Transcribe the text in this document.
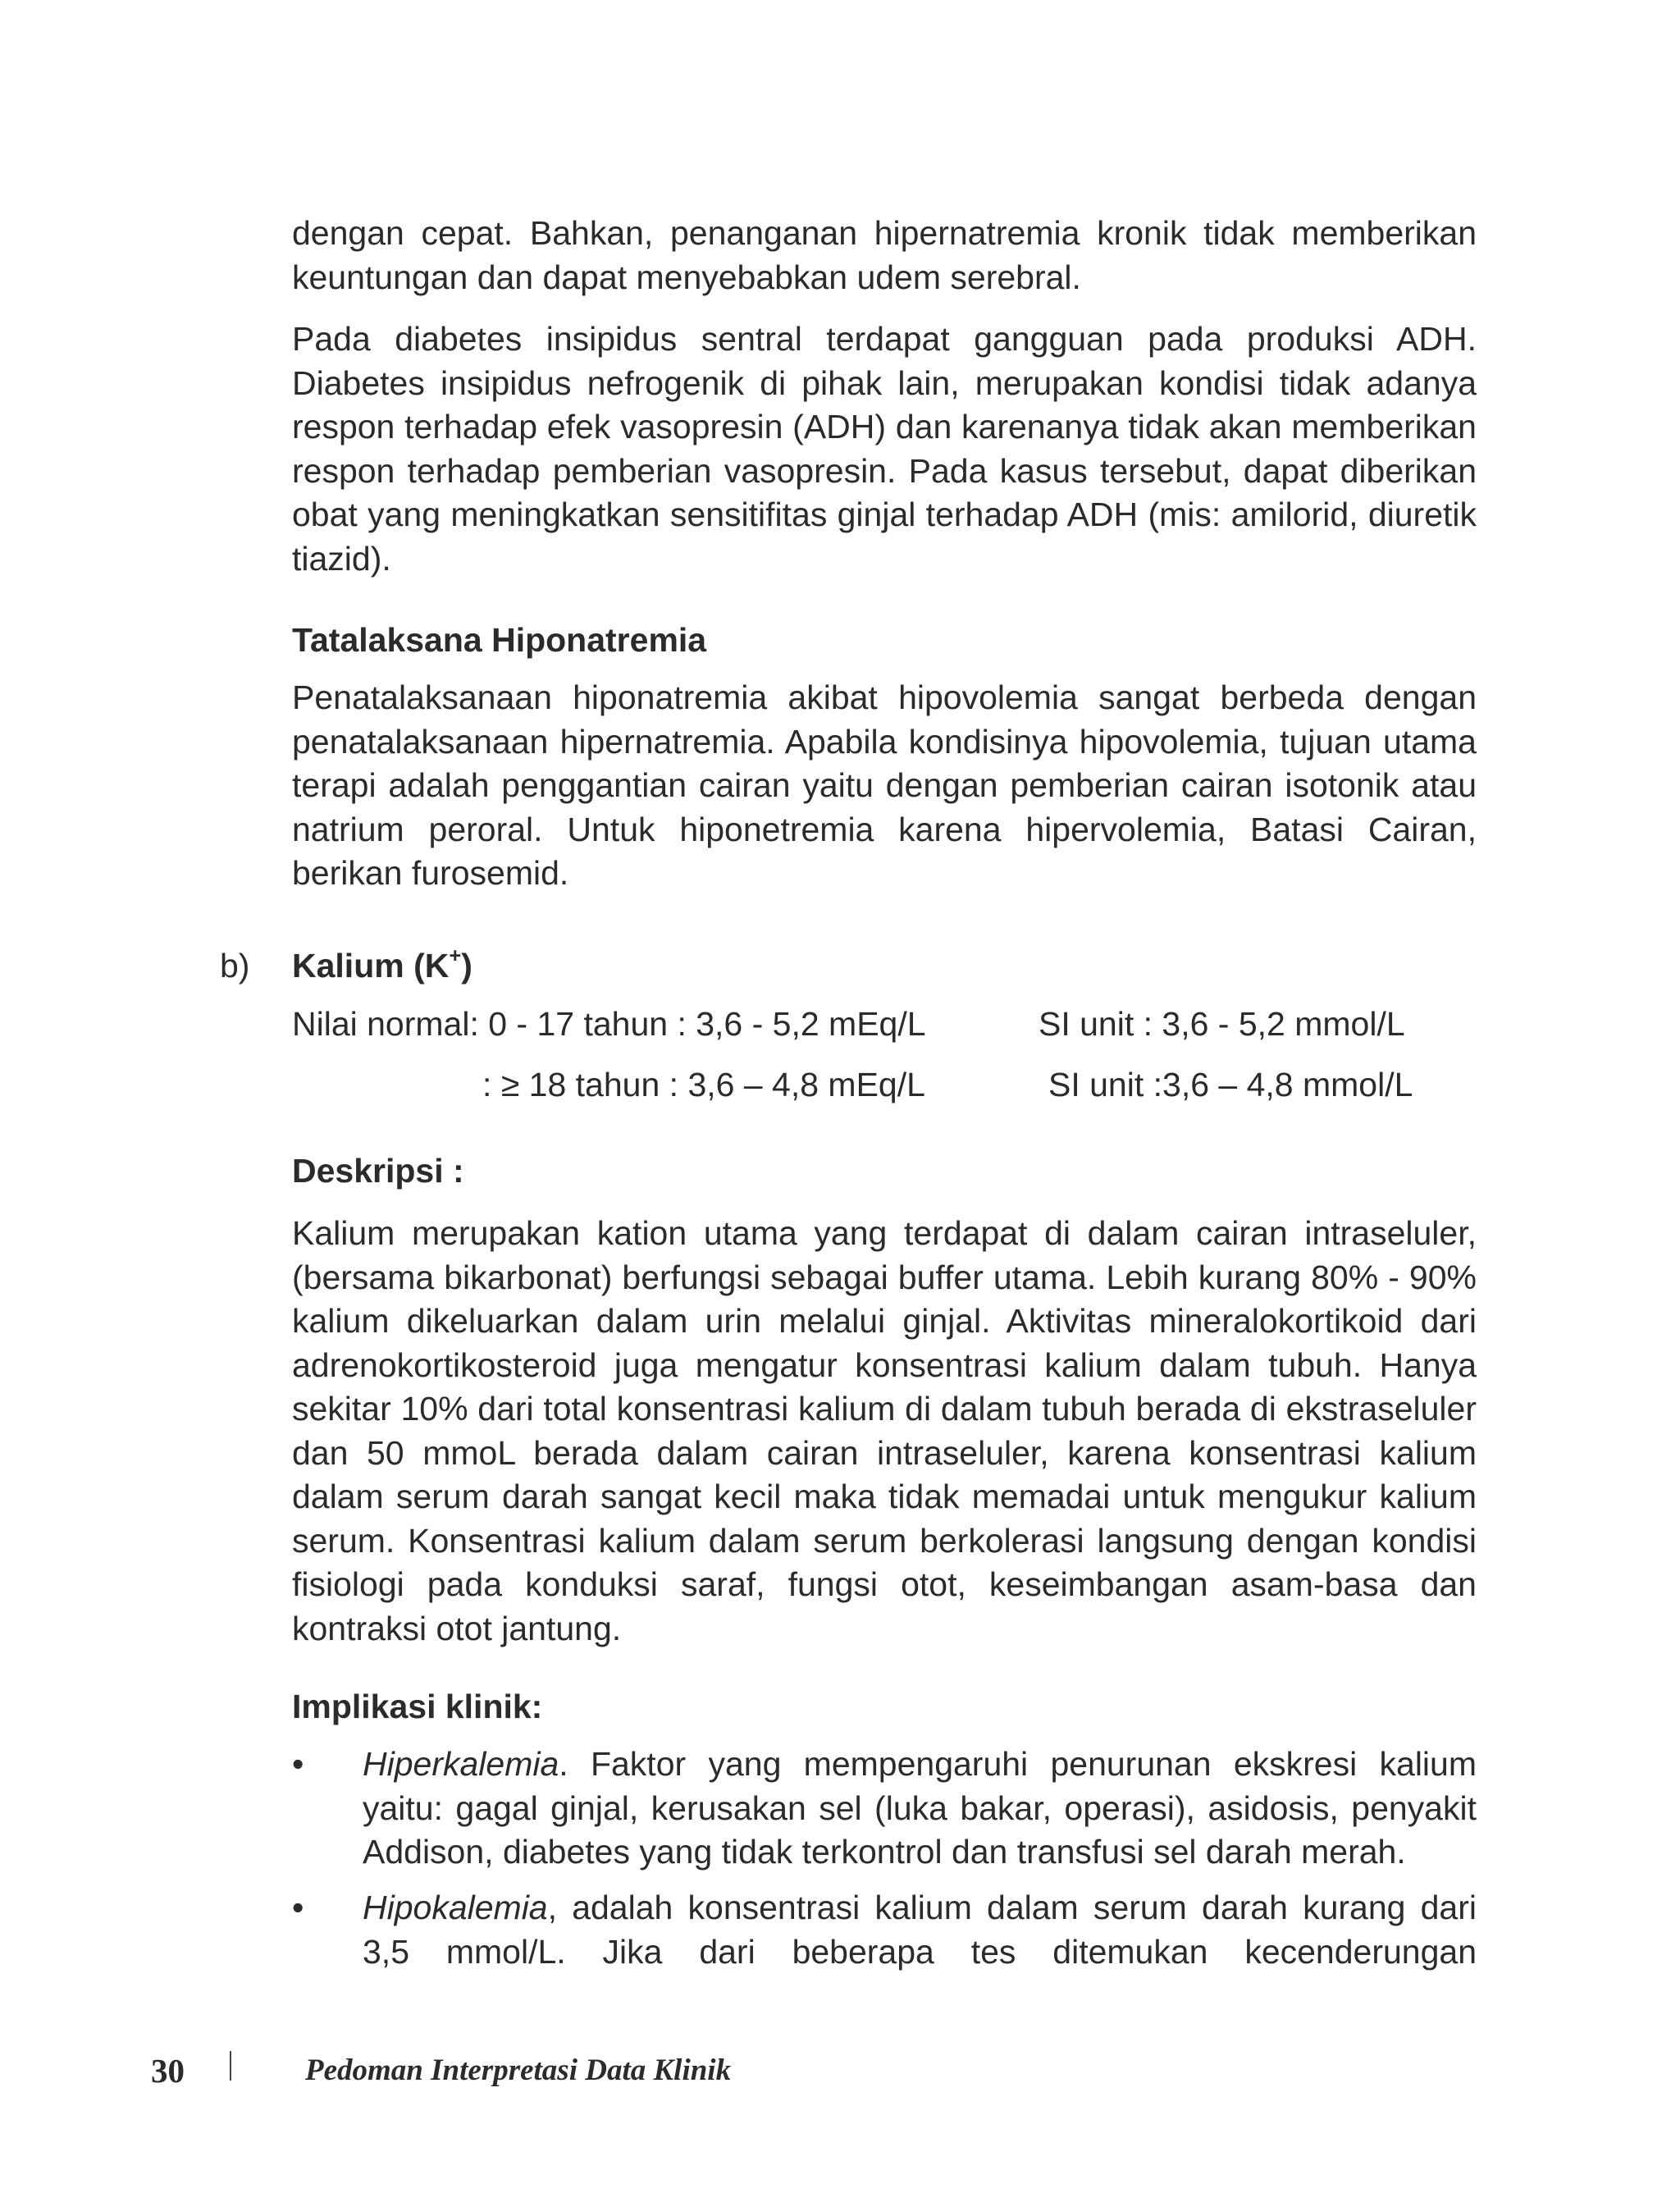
dengan cepat. Bahkan, penanganan hipernatremia kronik tidak memberikan keuntungan dan dapat menyebabkan udem serebral.

Pada diabetes insipidus sentral terdapat gangguan pada produksi ADH. Diabetes insipidus nefrogenik di pihak lain, merupakan kondisi tidak adanya respon terhadap efek vasopresin (ADH) dan karenanya tidak akan memberikan respon terhadap pemberian vasopresin. Pada kasus tersebut, dapat diberikan obat yang meningkatkan sensitifitas ginjal terhadap ADH (mis: amilorid, diuretik tiazid).

Tatalaksana Hiponatremia

Penatalaksanaan hiponatremia akibat hipovolemia sangat berbeda dengan penatalaksanaan hipernatremia. Apabila kondisinya hipovolemia, tujuan utama terapi adalah penggantian cairan yaitu dengan pemberian cairan isotonik atau natrium peroral. Untuk hiponetremia karena hipervolemia, Batasi Cairan, berikan furosemid.

b) Kalium (K+)
Nilai normal: 0 - 17 tahun : 3,6 - 5,2 mEq/L	SI unit : 3,6 - 5,2 mmol/L
: ≥ 18 tahun : 3,6 – 4,8 mEq/L	SI unit :3,6 – 4,8 mmol/L
Deskripsi :

Kalium merupakan kation utama yang terdapat di dalam cairan intraseluler, (bersama bikarbonat) berfungsi sebagai buffer utama. Lebih kurang 80% - 90% kalium dikeluarkan dalam urin melalui ginjal. Aktivitas mineralokortikoid dari adrenokortikosteroid juga mengatur konsentrasi kalium dalam tubuh. Hanya sekitar 10% dari total konsentrasi kalium di dalam tubuh berada di ekstraseluler dan 50 mmoL berada dalam cairan intraseluler, karena konsentrasi kalium dalam serum darah sangat kecil maka tidak memadai untuk mengukur kalium serum. Konsentrasi kalium dalam serum berkolerasi langsung dengan kondisi fisiologi pada konduksi saraf, fungsi otot, keseimbangan asam-basa dan kontraksi otot jantung.

Implikasi klinik:
• Hiperkalemia. Faktor yang mempengaruhi penurunan ekskresi kalium yaitu: gagal ginjal, kerusakan sel (luka bakar, operasi), asidosis, penyakit Addison, diabetes yang tidak terkontrol dan transfusi sel darah merah.

• Hipokalemia, adalah konsentrasi kalium dalam serum darah kurang dari 3,5 mmol/L. Jika dari beberapa tes ditemukan kecenderungan

30	Pedoman Interpretasi Data Klinik
